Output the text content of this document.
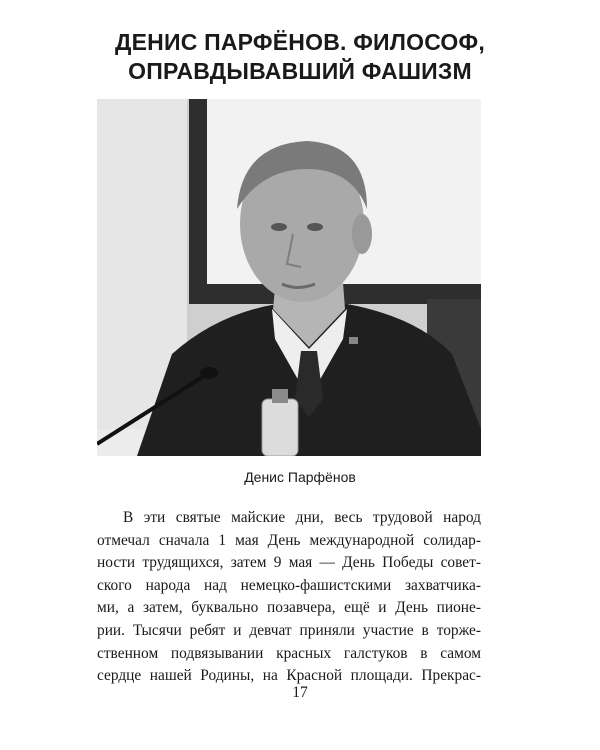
ДЕНИС ПАРФЁНОВ. ФИЛОСОФ,
ОПРАВДЫВАВШИЙ ФАШИЗМ
Денис Парфёнов
В эти святые майские дни, весь трудовой народ
отмечал сначала 1 мая День международной солидар-
ности трудящихся, затем 9 мая — День Победы совет-
ского народа над немецко-фашистскими захватчика-
ми, а затем, буквально позавчера, ещё и День пионе-
рии. Тысячи ребят и девчат приняли участие в торже-
ственном подвязывании красных галстуков в самом
сердце нашей Родины, на Красной площади. Прекрас-
17
